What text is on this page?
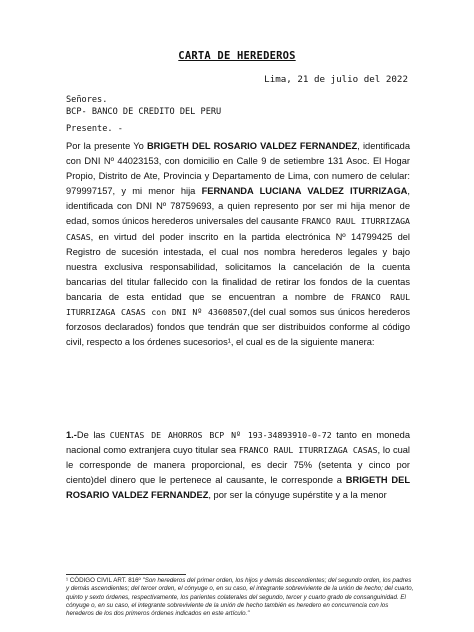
CARTA DE HEREDEROS
Lima, 21 de julio del 2022
Señores.
BCP- BANCO DE CREDITO DEL PERU
Presente. -

Por la presente Yo BRIGETH DEL ROSARIO VALDEZ FERNANDEZ, identificada con DNI Nº 44023153, con domicilio en Calle 9 de setiembre 131 Asoc. El Hogar Propio, Distrito de Ate, Provincia y Departamento de Lima, con numero de celular: 979997157, y mi menor hija FERNANDA LUCIANA VALDEZ ITURRIZAGA, identificada con DNI Nº 78759693, a quien represento por ser mi hija menor de edad, somos únicos herederos universales del causante FRANCO RAUL ITURRIZAGA CASAS, en virtud del poder inscrito en la partida electrónica Nº 14799425 del Registro de sucesión intestada, el cual nos nombra herederos legales y bajo nuestra exclusiva responsabilidad, solicitamos la cancelación de la cuenta bancarias del titular fallecido con la finalidad de retirar los fondos de la cuentas bancaria de esta entidad que se encuentran a nombre de FRANCO RAUL ITURRIZAGA CASAS con DNI Nº 43608507,(del cual somos sus únicos herederos forzosos declarados) fondos que tendrán que ser distribuidos conforme al código civil, respecto a los órdenes sucesorios¹, el cual es de la siguiente manera:

1.-De las CUENTAS DE AHORROS BCP Nº 193-34893910-0-72 tanto en moneda nacional como extranjera cuyo titular sea FRANCO RAUL ITURRIZAGA CASAS, lo cual le corresponde de manera proporcional, es decir 75% (setenta y cinco por ciento)del dinero que le pertenece al causante, le corresponde a BRIGETH DEL ROSARIO VALDEZ FERNANDEZ, por ser la cónyuge supérstite y a la menor

¹ CÓDIGO CIVIL ART. 816º "Son herederos del primer orden, los hijos y demás descendientes; del segundo orden, los padres y demás ascendientes; del tercer orden, el cónyuge o, en su caso, el integrante sobreviviente de la unión de hecho; del cuarto, quinto y sexto órdenes, respectivamente, los parientes colaterales del segundo, tercer y cuarto grado de consanguinidad. El cónyuge o, en su caso, el integrante sobreviviente de la unión de hecho también es heredero en concurrencia con los herederos de los dos primeros órdenes indicados en este artículo."
